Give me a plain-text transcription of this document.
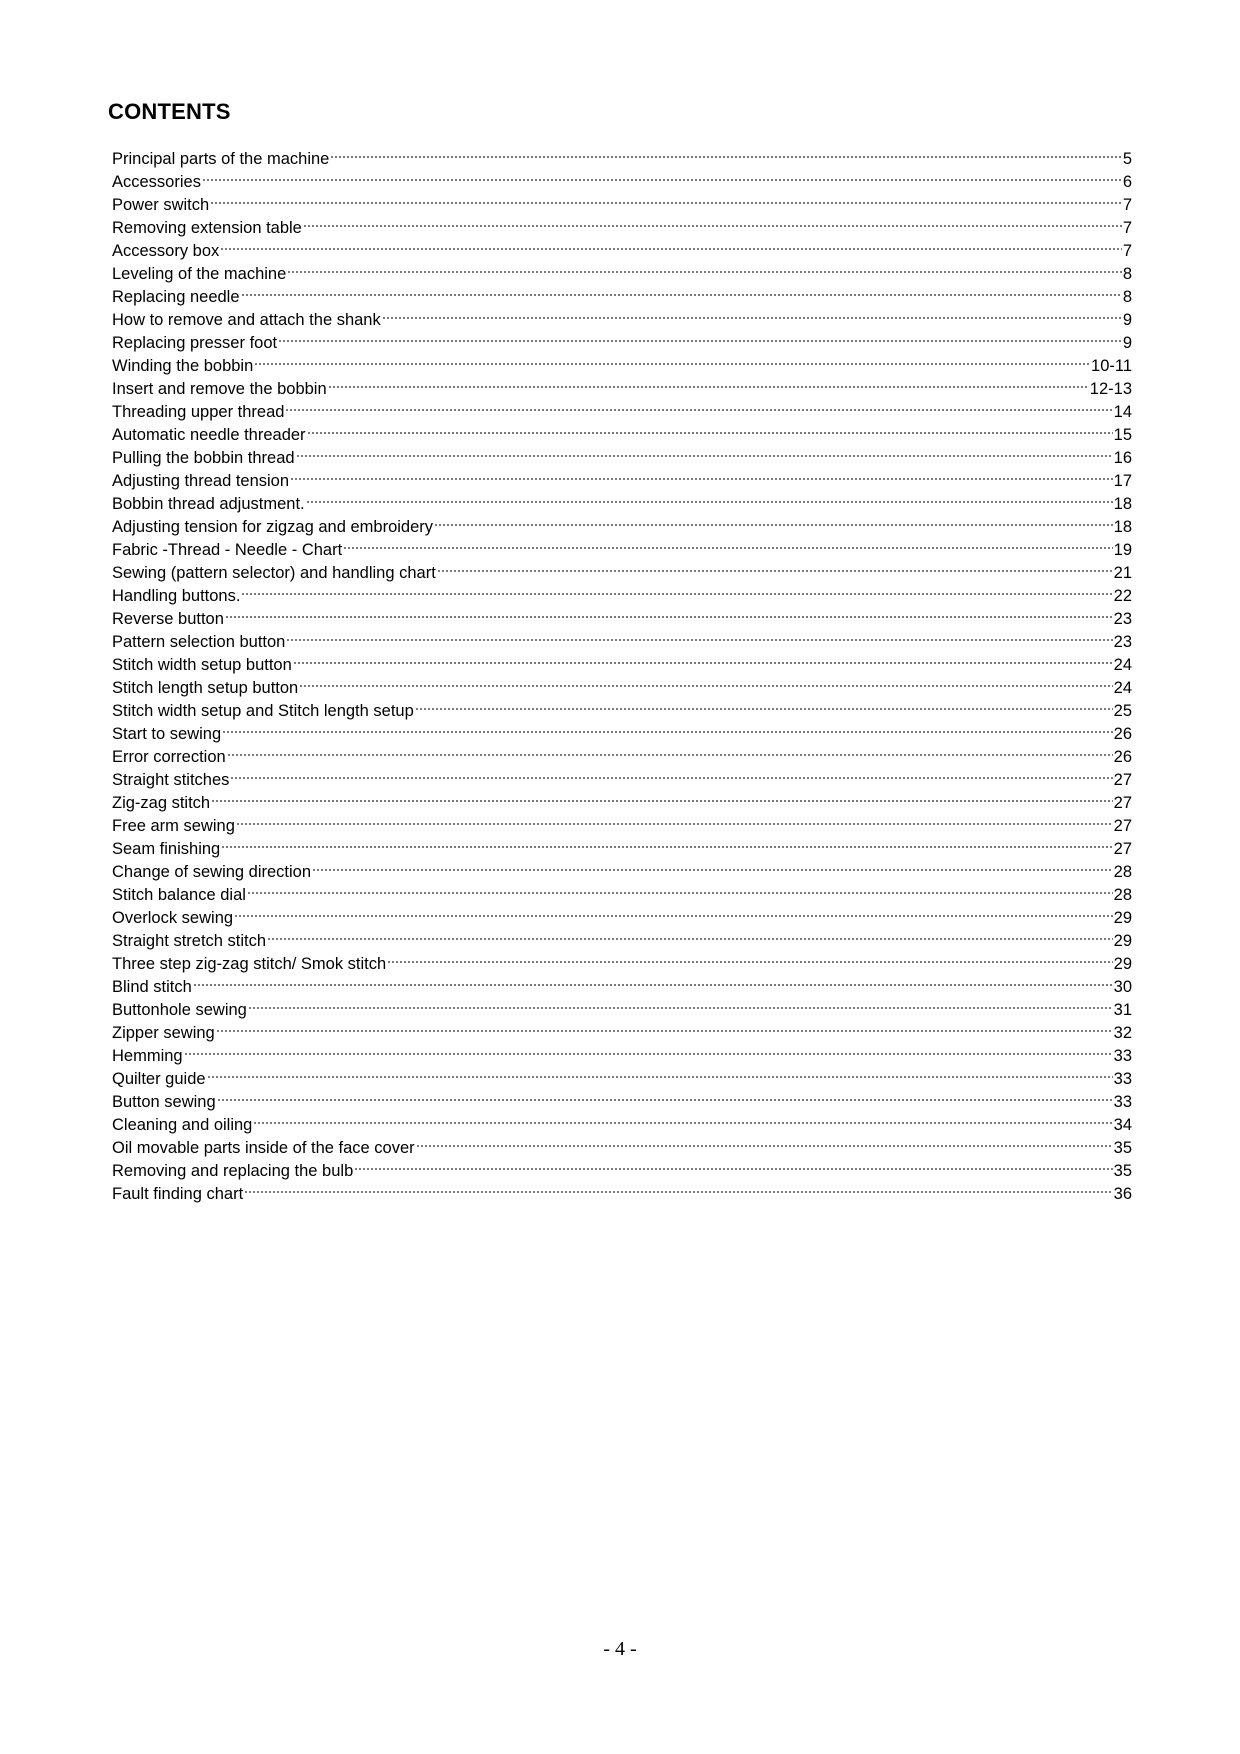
CONTENTS
Principal parts of the machine	5
Accessories	6
Power switch	7
Removing extension table	7
Accessory box	7
Leveling of the machine	8
Replacing needle	8
How to remove and attach the shank	9
Replacing presser foot	9
Winding the bobbin	10-11
Insert and remove the bobbin	12-13
Threading upper thread	14
Automatic needle threader	15
Pulling the bobbin thread	16
Adjusting thread tension	17
Bobbin thread adjustment.	18
Adjusting tension for zigzag and embroidery	18
Fabric -Thread - Needle - Chart	19
Sewing (pattern selector) and handling chart	21
Handling buttons.	22
Reverse button	23
Pattern selection button	23
Stitch width setup button	24
Stitch length setup button	24
Stitch width setup and Stitch length setup	25
Start to sewing	26
Error correction	26
Straight stitches	27
Zig-zag stitch	27
Free arm sewing	27
Seam finishing	27
Change of sewing direction	28
Stitch balance dial	28
Overlock sewing	29
Straight stretch stitch	29
Three step zig-zag stitch/ Smok stitch	29
Blind stitch	30
Buttonhole sewing	31
Zipper sewing	32
Hemming	33
Quilter guide	33
Button sewing	33
Cleaning and oiling	34
Oil movable parts inside of the face cover	35
Removing and replacing the bulb	35
Fault finding chart	36
- 4 -
